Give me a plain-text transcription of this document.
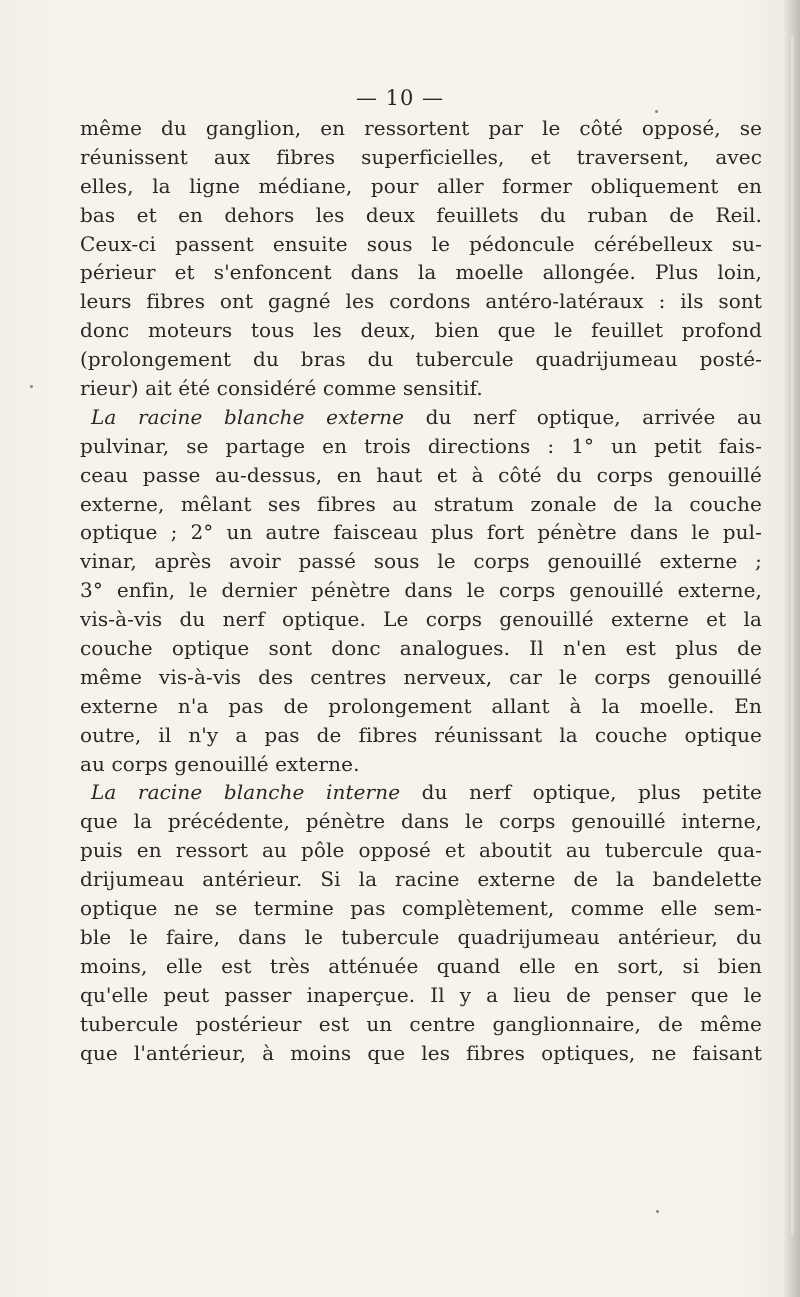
— 10 —
même du ganglion, en ressortent par le côté opposé, se
réunissent aux fibres superficielles, et traversent, avec
elles, la ligne médiane, pour aller former obliquement en
bas et en dehors les deux feuillets du ruban de Reil.
Ceux-ci passent ensuite sous le pédoncule cérébelleux su-
périeur et s'enfoncent dans la moelle allongée. Plus loin,
leurs fibres ont gagné les cordons antéro-latéraux : ils sont
donc moteurs tous les deux, bien que le feuillet profond
(prolongement du bras du tubercule quadrijumeau posté-
rieur) ait été considéré comme sensitif.
La racine blanche externe du nerf optique, arrivée au
pulvinar, se partage en trois directions : 1° un petit fais-
ceau passe au-dessus, en haut et à côté du corps genouillé
externe, mêlant ses fibres au stratum zonale de la couche
optique ; 2° un autre faisceau plus fort pénètre dans le pul-
vinar, après avoir passé sous le corps genouillé externe ;
3° enfin, le dernier pénètre dans le corps genouillé externe,
vis-à-vis du nerf optique. Le corps genouillé externe et la
couche optique sont donc analogues. Il n'en est plus de
même vis-à-vis des centres nerveux, car le corps genouillé
externe n'a pas de prolongement allant à la moelle. En
outre, il n'y a pas de fibres réunissant la couche optique
au corps genouillé externe.
La racine blanche interne du nerf optique, plus petite
que la précédente, pénètre dans le corps genouillé interne,
puis en ressort au pôle opposé et aboutit au tubercule qua-
drijumeau antérieur. Si la racine externe de la bandelette
optique ne se termine pas complètement, comme elle sem-
ble le faire, dans le tubercule quadrijumeau antérieur, du
moins, elle est très atténuée quand elle en sort, si bien
qu'elle peut passer inaperçue. Il y a lieu de penser que le
tubercule postérieur est un centre ganglionnaire, de même
que l'antérieur, à moins que les fibres optiques, ne faisant
